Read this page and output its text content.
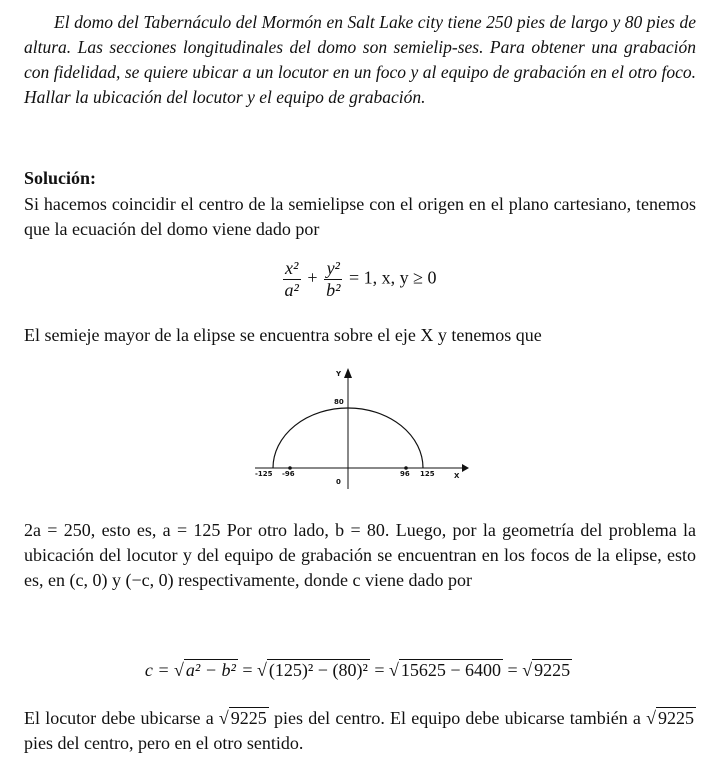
El domo del Tabernáculo del Mormón en Salt Lake city tiene 250 pies de largo y 80 pies de altura. Las secciones longitudinales del domo son semielip-ses. Para obtener una grabación con fidelidad, se quiere ubicar a un locutor en un foco y al equipo de grabación en el otro foco. Hallar la ubicación del locutor y el equipo de grabación.
Solución:
Si hacemos coincidir el centro de la semielipse con el origen en el plano cartesiano, tenemos que la ecuación del domo viene dado por
$\frac{\text{x²}}{\text{a²}} + \frac{\text{y²}}{\text{b²}} = 1$, x, y ≥ 0
El semieje mayor de la elipse se encuentra sobre el eje X y tenemos que
Y
X
80
0
-125 -96	96 125
2a = 250, esto es, a = 125 Por otro lado, b = 80. Luego, por la geometría del problema la ubicación del locutor y del equipo de grabación se encuentran en los focos de la elipse, esto es, en (c, 0) y (−c, 0) respectivamente, donde c viene dado por
c = √ a² − b² = √ (125)² − (80)² = √ 15625 − 6400 = √ 9225
El locutor debe ubicarse a √ 9225 pies del centro. El equipo debe ubicarse también a √ 9225 pies del centro, pero en el otro sentido.
